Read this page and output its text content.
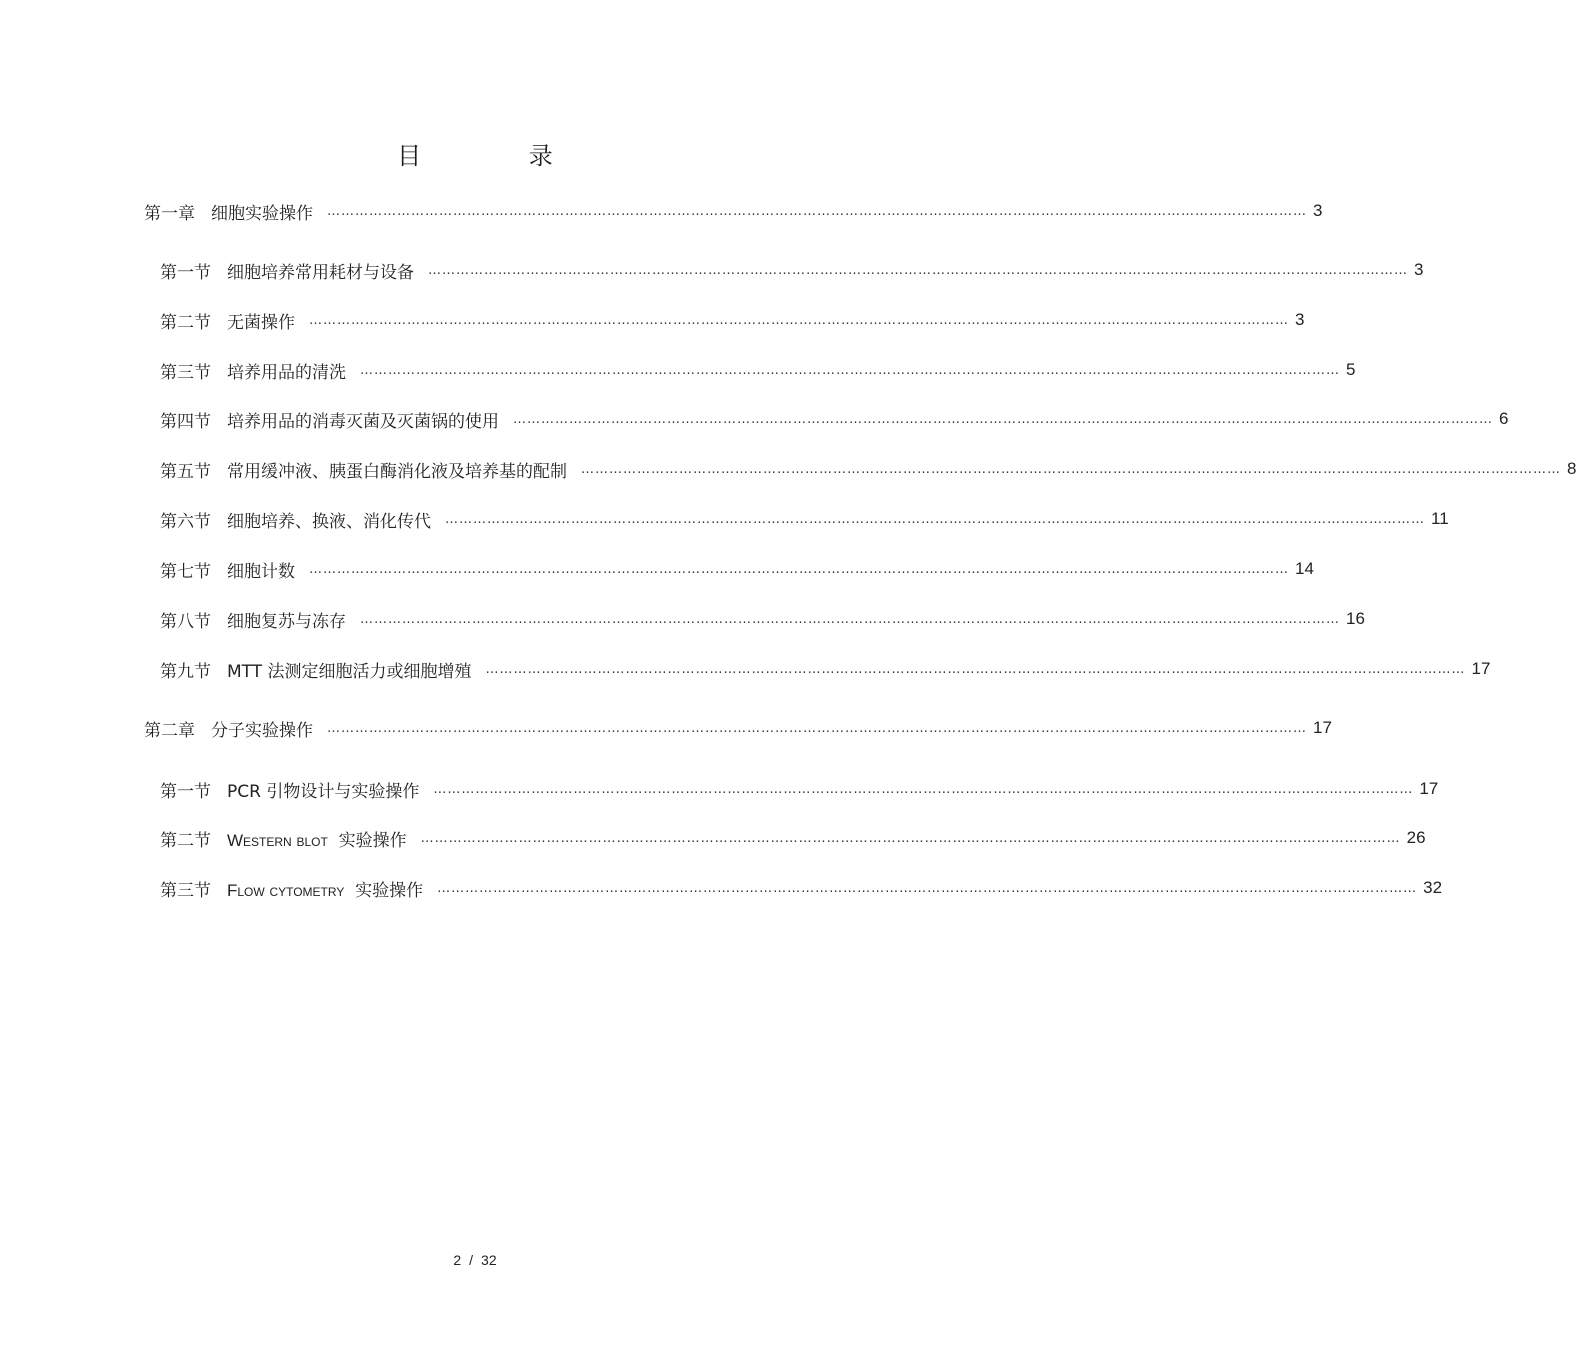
目 录
第一章 细胞实验操作 ………………………………………………………………………………………………………………………………………………………………………………………… 3
第一节 细胞培养常用耗材与设备 ………………………………………………………………………………………………………………………………………………………………………………………… 3
第二节 无菌操作 ………………………………………………………………………………………………………………………………………………………………………………………… 3
第三节 培养用品的清洗 ………………………………………………………………………………………………………………………………………………………………………………………… 5
第四节 培养用品的消毒灭菌及灭菌锅的使用 ………………………………………………………………………………………………………………………………………………………………………………………… 6
第五节 常用缓冲液、胰蛋白酶消化液及培养基的配制 ………………………………………………………………………………………………………………………………………………………………………………………… 8
第六节 细胞培养、换液、消化传代 ………………………………………………………………………………………………………………………………………………………………………………………… 11
第七节 细胞计数 ………………………………………………………………………………………………………………………………………………………………………………………… 14
第八节 细胞复苏与冻存 ………………………………………………………………………………………………………………………………………………………………………………………… 16
第九节 MTT 法测定细胞活力或细胞增殖 ………………………………………………………………………………………………………………………………………………………………………………………… 17
第二章 分子实验操作 ………………………………………………………………………………………………………………………………………………………………………………………… 17
第一节 PCR 引物设计与实验操作 ………………………………………………………………………………………………………………………………………………………………………………………… 17
第二节 Western blot 实验操作 ………………………………………………………………………………………………………………………………………………………………………………………… 26
第三节 Flow cytometry 实验操作 ………………………………………………………………………………………………………………………………………………………………………………………… 32
2 / 32
